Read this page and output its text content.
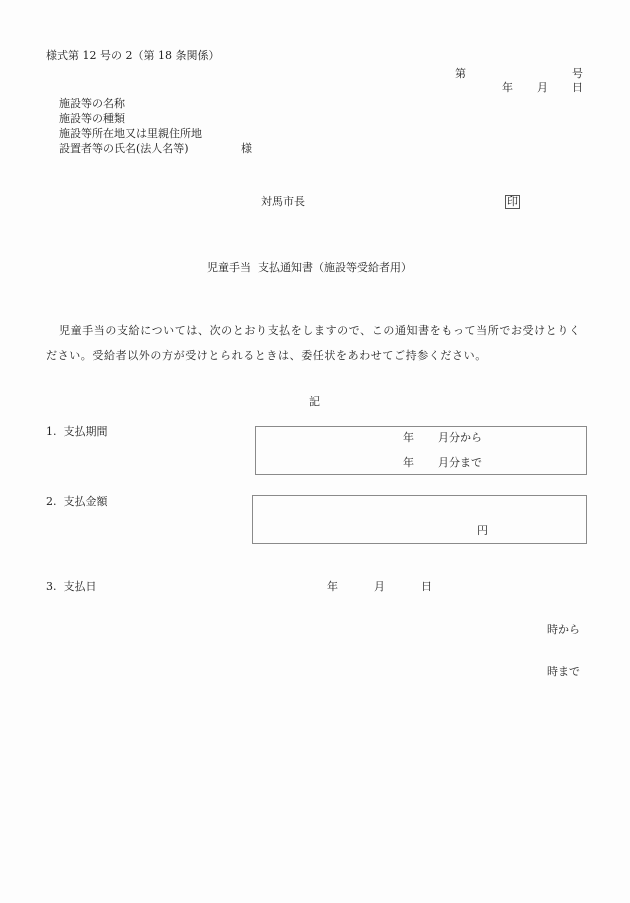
様式第 12 号の 2（第 18 条関係）
第	号
年 月 日
施設等の名称
施設等の種類
施設等所在地又は里親住所地
設置者等の氏名(法人名等)	様
対馬市長	印
児童手当  支払通知書（施設等受給者用）
児童手当の支給については、次のとおり支払をしますので、この通知書をもって当所でお受けとりく
ださい。受給者以外の方が受けとられるときは、委任状をあわせてご持参ください。
記
1.  支払期間	年 月分から
年 月分まで
2.  支払金額
円
3.  支払日	年	月	日
時から
時まで
